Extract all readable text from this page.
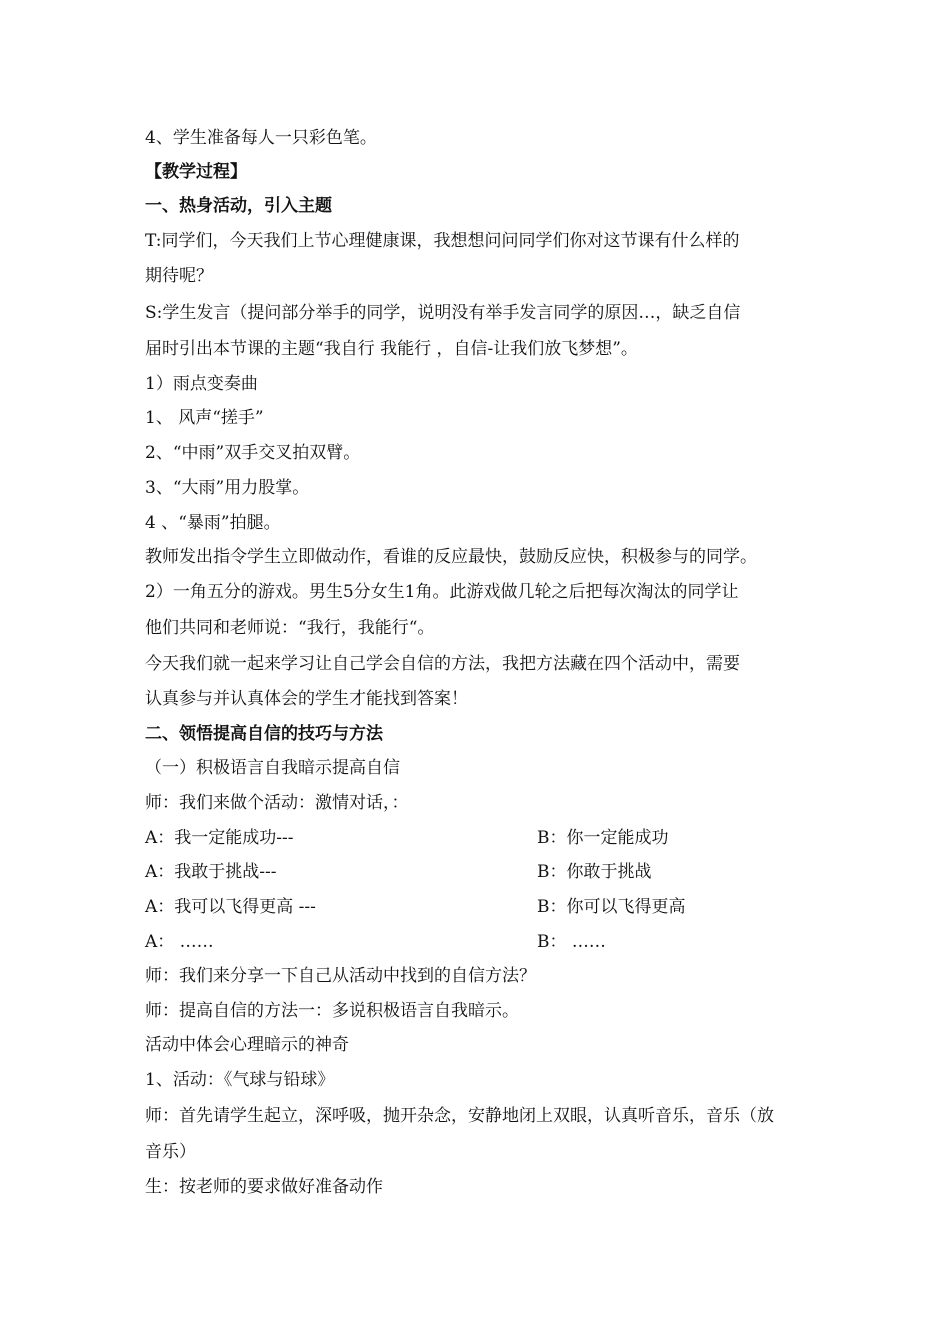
4、学生准备每人一只彩色笔。
【教学过程】
一、热身活动，引入主题
T:同学们，今天我们上节心理健康课，我想想问问同学们你对这节课有什么样的
期待呢？
S:学生发言（提问部分举手的同学，说明没有举手发言同学的原因…，缺乏自信
届时引出本节课的主题“我自行 我能行 ，自信-让我们放飞梦想”。
1）雨点变奏曲
1、 风声“搓手”
2、“中雨”双手交叉拍双臂。
3、“大雨”用力股掌。
4 、“暴雨”拍腿。
教师发出指令学生立即做动作，看谁的反应最快，鼓励反应快，积极参与的同学。
2）一角五分的游戏。男生5分女生1角。此游戏做几轮之后把每次淘汰的同学让
他们共同和老师说：“我行，我能行“。
今天我们就一起来学习让自己学会自信的方法，我把方法藏在四个活动中，需要
认真参与并认真体会的学生才能找到答案！
二、领悟提高自信的技巧与方法
（一）积极语言自我暗示提高自信
师：我们来做个活动：激情对话，：
A：我一定能成功---	B：你一定能成功
A：我敢于挑战---	B：你敢于挑战
A：我可以飞得更高 ---	B：你可以飞得更高
A： ……	B： ……
师：我们来分享一下自己从活动中找到的自信方法？
师：提高自信的方法一：多说积极语言自我暗示。
活动中体会心理暗示的神奇
1、活动：《气球与铅球》
师：首先请学生起立，深呼吸，抛开杂念，安静地闭上双眼，认真听音乐，音乐（放
音乐）
生：按老师的要求做好准备动作
